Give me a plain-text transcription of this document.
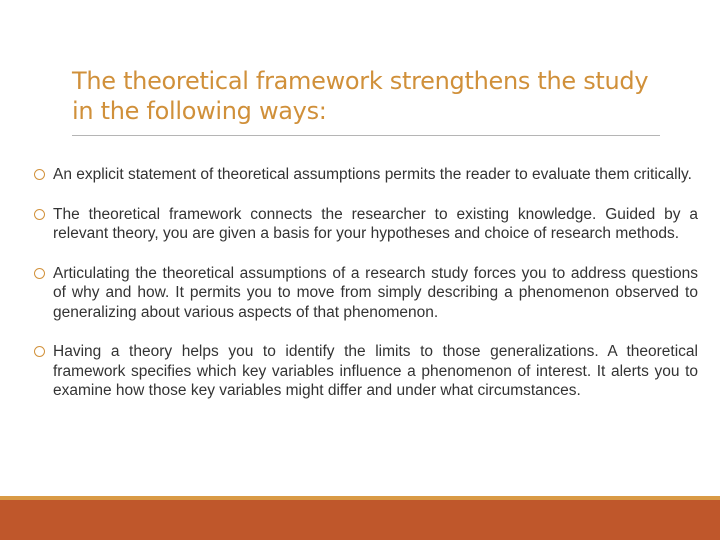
The theoretical framework strengthens the study in the following ways:
An explicit statement of theoretical assumptions permits the reader to evaluate them critically.
The theoretical framework connects the researcher to existing knowledge. Guided by a relevant theory, you are given a basis for your hypotheses and choice of research methods.
Articulating the theoretical assumptions of a research study forces you to address questions of why and how. It permits you to move from simply describing a phenomenon observed to generalizing about various aspects of that phenomenon.
Having a theory helps you to identify the limits to those generalizations. A theoretical framework specifies which key variables influence a phenomenon of interest. It alerts you to examine how those key variables might differ and under what circumstances.
